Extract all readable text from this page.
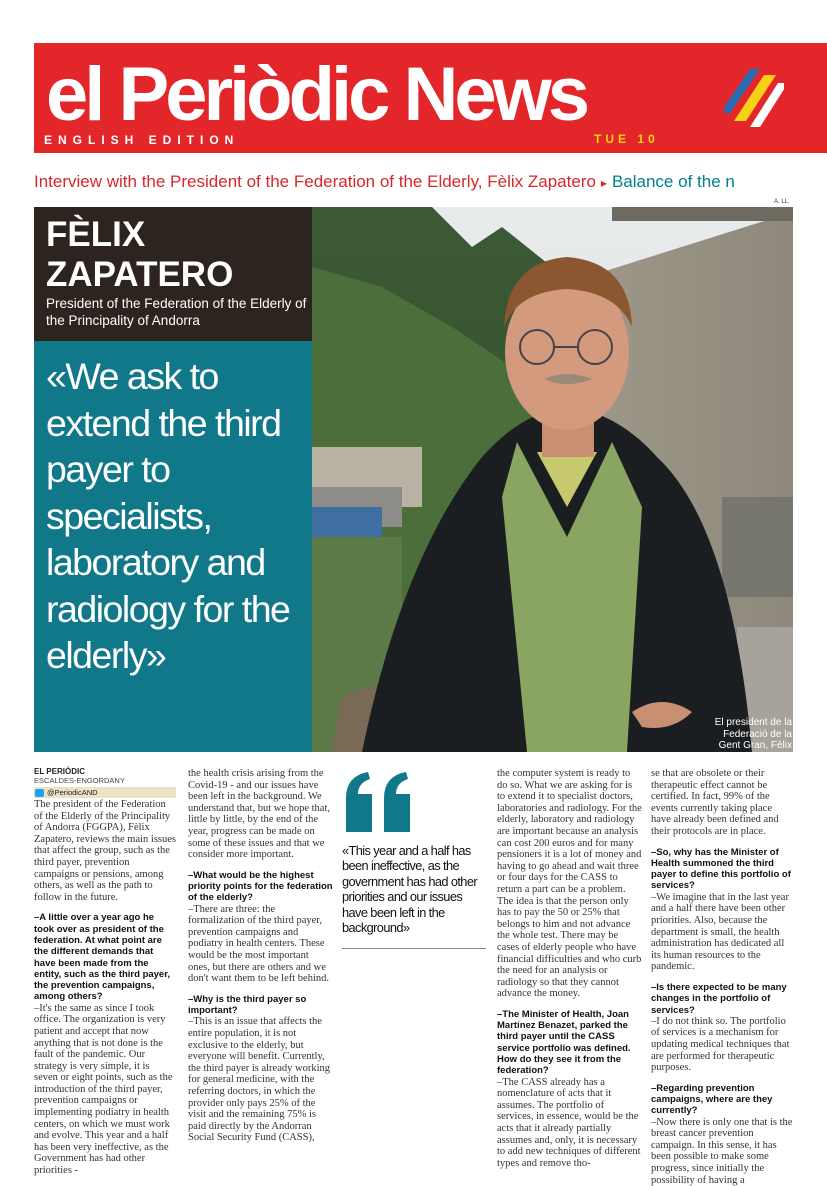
el Periòdic News
ENGLISH EDITION	TUE 10
Interview with the President of the Federation of the Elderly, Fèlix Zapatero ▸ Balance of the n
A. LL.
FÈLIX ZAPATERO
President of the Federation of the Elderly of the Principality of Andorra
«We ask to extend the third payer to specialists, laboratory and radiology for the elderly»
El president de la Federació de la Gent Gran, Fèlix Zapatero.
EL PERIÒDIC
ESCALDES-ENGORDANY
@PeriodicAND

The president of the Federation of the Elderly of the Principality of Andorra (FGGPA), Fèlix Zapatero, reviews the main issues that affect the group, such as the third payer, prevention campaigns or pensions, among others, as well as the path to follow in the future.

–A little over a year ago he took over as president of the federation. At what point are the different demands that have been made from the entity, such as the third payer, the prevention campaigns, among others?

–It's the same as since I took office. The organization is very patient and accept that now anything that is not done is the fault of the pandemic. Our strategy is very simple, it is seven or eight points, such as the introduction of the third payer, prevention campaigns or implementing podiatry in health centers, on which we must work and evolve. This year and a half has been very ineffective, as the Government has had other priorities -

the health crisis arising from the Covid-19 - and our issues have been left in the background. We understand that, but we hope that, little by little, by the end of the year, progress can be made on some of these issues and that we consider more important.

–What would be the highest priority points for the federation of the elderly?

–There are three: the formalization of the third payer, prevention campaigns and podiatry in health centers. These would be the most important ones, but there are others and we don't want them to be left behind.

–Why is the third payer so important?

–This is an issue that affects the entire population, it is not exclusive to the elderly, but everyone will benefit. Currently, the third payer is already working for general medicine, with the referring doctors, in which the provider only pays 25% of the visit and the remaining 75% is paid directly by the Andorran Social Security Fund (CASS),

«This year and a half has been ineffective, as the government has had other priorities and our issues have been left in the background»

the computer system is ready to do so. What we are asking for is to extend it to specialist doctors, laboratories and radiology. For the elderly, laboratory and radiology are important because an analysis can cost 200 euros and for many pensioners it is a lot of money and having to go ahead and wait three or four days for the CASS to return a part can be a problem. The idea is that the person only has to pay the 50 or 25% that belongs to him and not advance the whole test. There may be cases of elderly people who have financial difficulties and who curb the need for an analysis or radiology so that they cannot advance the money.

–The Minister of Health, Joan Martínez Benazet, parked the third payer until the CASS service portfolio was defined. How do they see it from the federation?

–The CASS already has a nomenclature of acts that it assumes. The portfolio of services, in essence, would be the acts that it already partially assumes and, only, it is necessary to add new techniques of different types and remove tho-

se that are obsolete or their therapeutic effect cannot be certified. In fact, 99% of the events currently taking place have already been defined and their protocols are in place.

–So, why has the Minister of Health summoned the third payer to define this portfolio of services?

–We imagine that in the last year and a half there have been other priorities. Also, because the department is small, the health administration has dedicated all its human resources to the pandemic.

–Is there expected to be many changes in the portfolio of services?

–I do not think so. The portfolio of services is a mechanism for updating medical techniques that are performed for therapeutic purposes.

–Regarding prevention campaigns, where are they currently?

–Now there is only one that is the breast cancer prevention campaign. In this sense, it has been possible to make some progress, since initially the possibility of having a
